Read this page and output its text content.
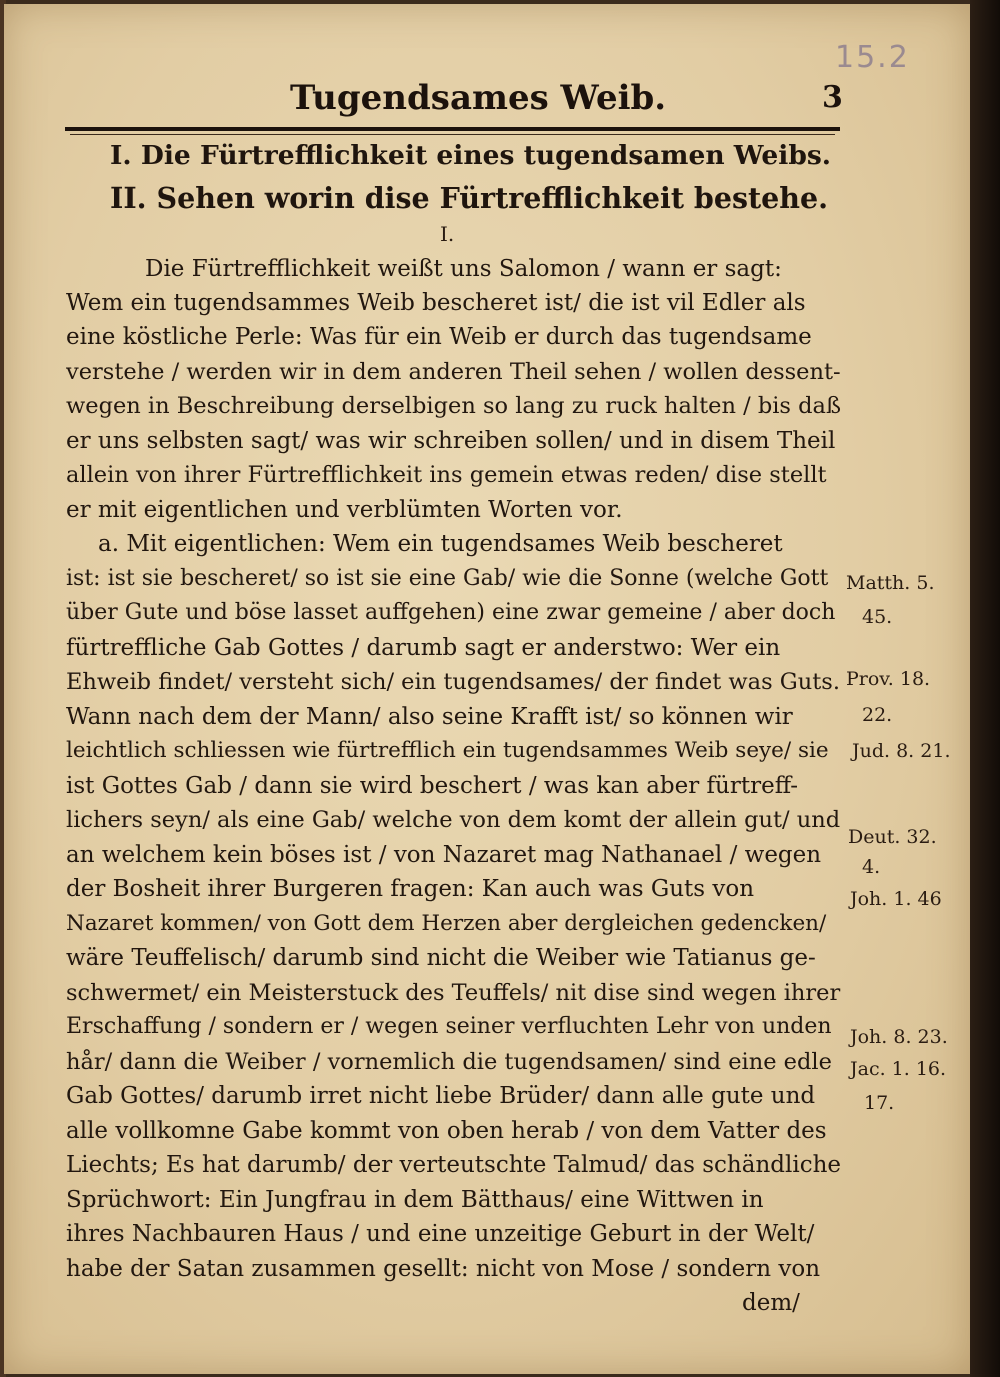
15.2
Tugendsames Weib.	3
I. Die Fürtrefflichkeit eines tugendsamen Weibs.
II. Sehen worin dise Fürtrefflichkeit bestehe.
I.
Die Fürtrefflichkeit weißt uns Salomon / wann er sagt:
Wem ein tugendsammes Weib bescheret ist/ die ist vil Edler als
eine köstliche Perle: Was für ein Weib er durch das tugendsame
verstehe / werden wir in dem anderen Theil sehen / wollen dessent-
wegen in Beschreibung derselbigen so lang zu ruck halten / bis daß
er uns selbsten sagt/ was wir schreiben sollen/ und in disem Theil
allein von ihrer Fürtrefflichkeit ins gemein etwas reden/ dise stellt
er mit eigentlichen und verblümten Worten vor.
a. Mit eigentlichen: Wem ein tugendsames Weib bescheret
ist: ist sie bescheret/ so ist sie eine Gab/ wie die Sonne (welche Gott
über Gute und böse lasset auffgehen) eine zwar gemeine / aber doch
fürtreffliche Gab Gottes / darumb sagt er anderstwo: Wer ein
Ehweib findet/ versteht sich/ ein tugendsames/ der findet was Guts.
Wann nach dem der Mann/ also seine Krafft ist/ so können wir
leichtlich schliessen wie fürtrefflich ein tugendsammes Weib seye/ sie
ist Gottes Gab / dann sie wird beschert / was kan aber fürtreff-
lichers seyn/ als eine Gab/ welche von dem komt der allein gut/ und
an welchem kein böses ist / von Nazaret mag Nathanael / wegen
der Bosheit ihrer Burgeren fragen: Kan auch was Guts von
Nazaret kommen/ von Gott dem Herzen aber dergleichen gedencken/
wäre Teuffelisch/ darumb sind nicht die Weiber wie Tatianus ge-
schwermet/ ein Meisterstuck des Teuffels/ nit dise sind wegen ihrer
Erschaffung / sondern er / wegen seiner verfluchten Lehr von unden
hår/ dann die Weiber / vornemlich die tugendsamen/ sind eine edle
Gab Gottes/ darumb irret nicht liebe Brüder/ dann alle gute und
alle vollkomne Gabe kommt von oben herab / von dem Vatter des
Liechts; Es hat darumb/ der verteutschte Talmud/ das schändliche
Sprüchwort: Ein Jungfrau in dem Bätthaus/ eine Wittwen in
ihres Nachbauren Haus / und eine unzeitige Geburt in der Welt/
habe der Satan zusammen gesellt: nicht von Mose / sondern von
dem/
Matth. 5.
45.
Prov. 18.
22.
Jud. 8. 21.
Deut. 32.
4.
Joh. 1. 46
Joh. 8. 23.
Jac. 1. 16.
17.
